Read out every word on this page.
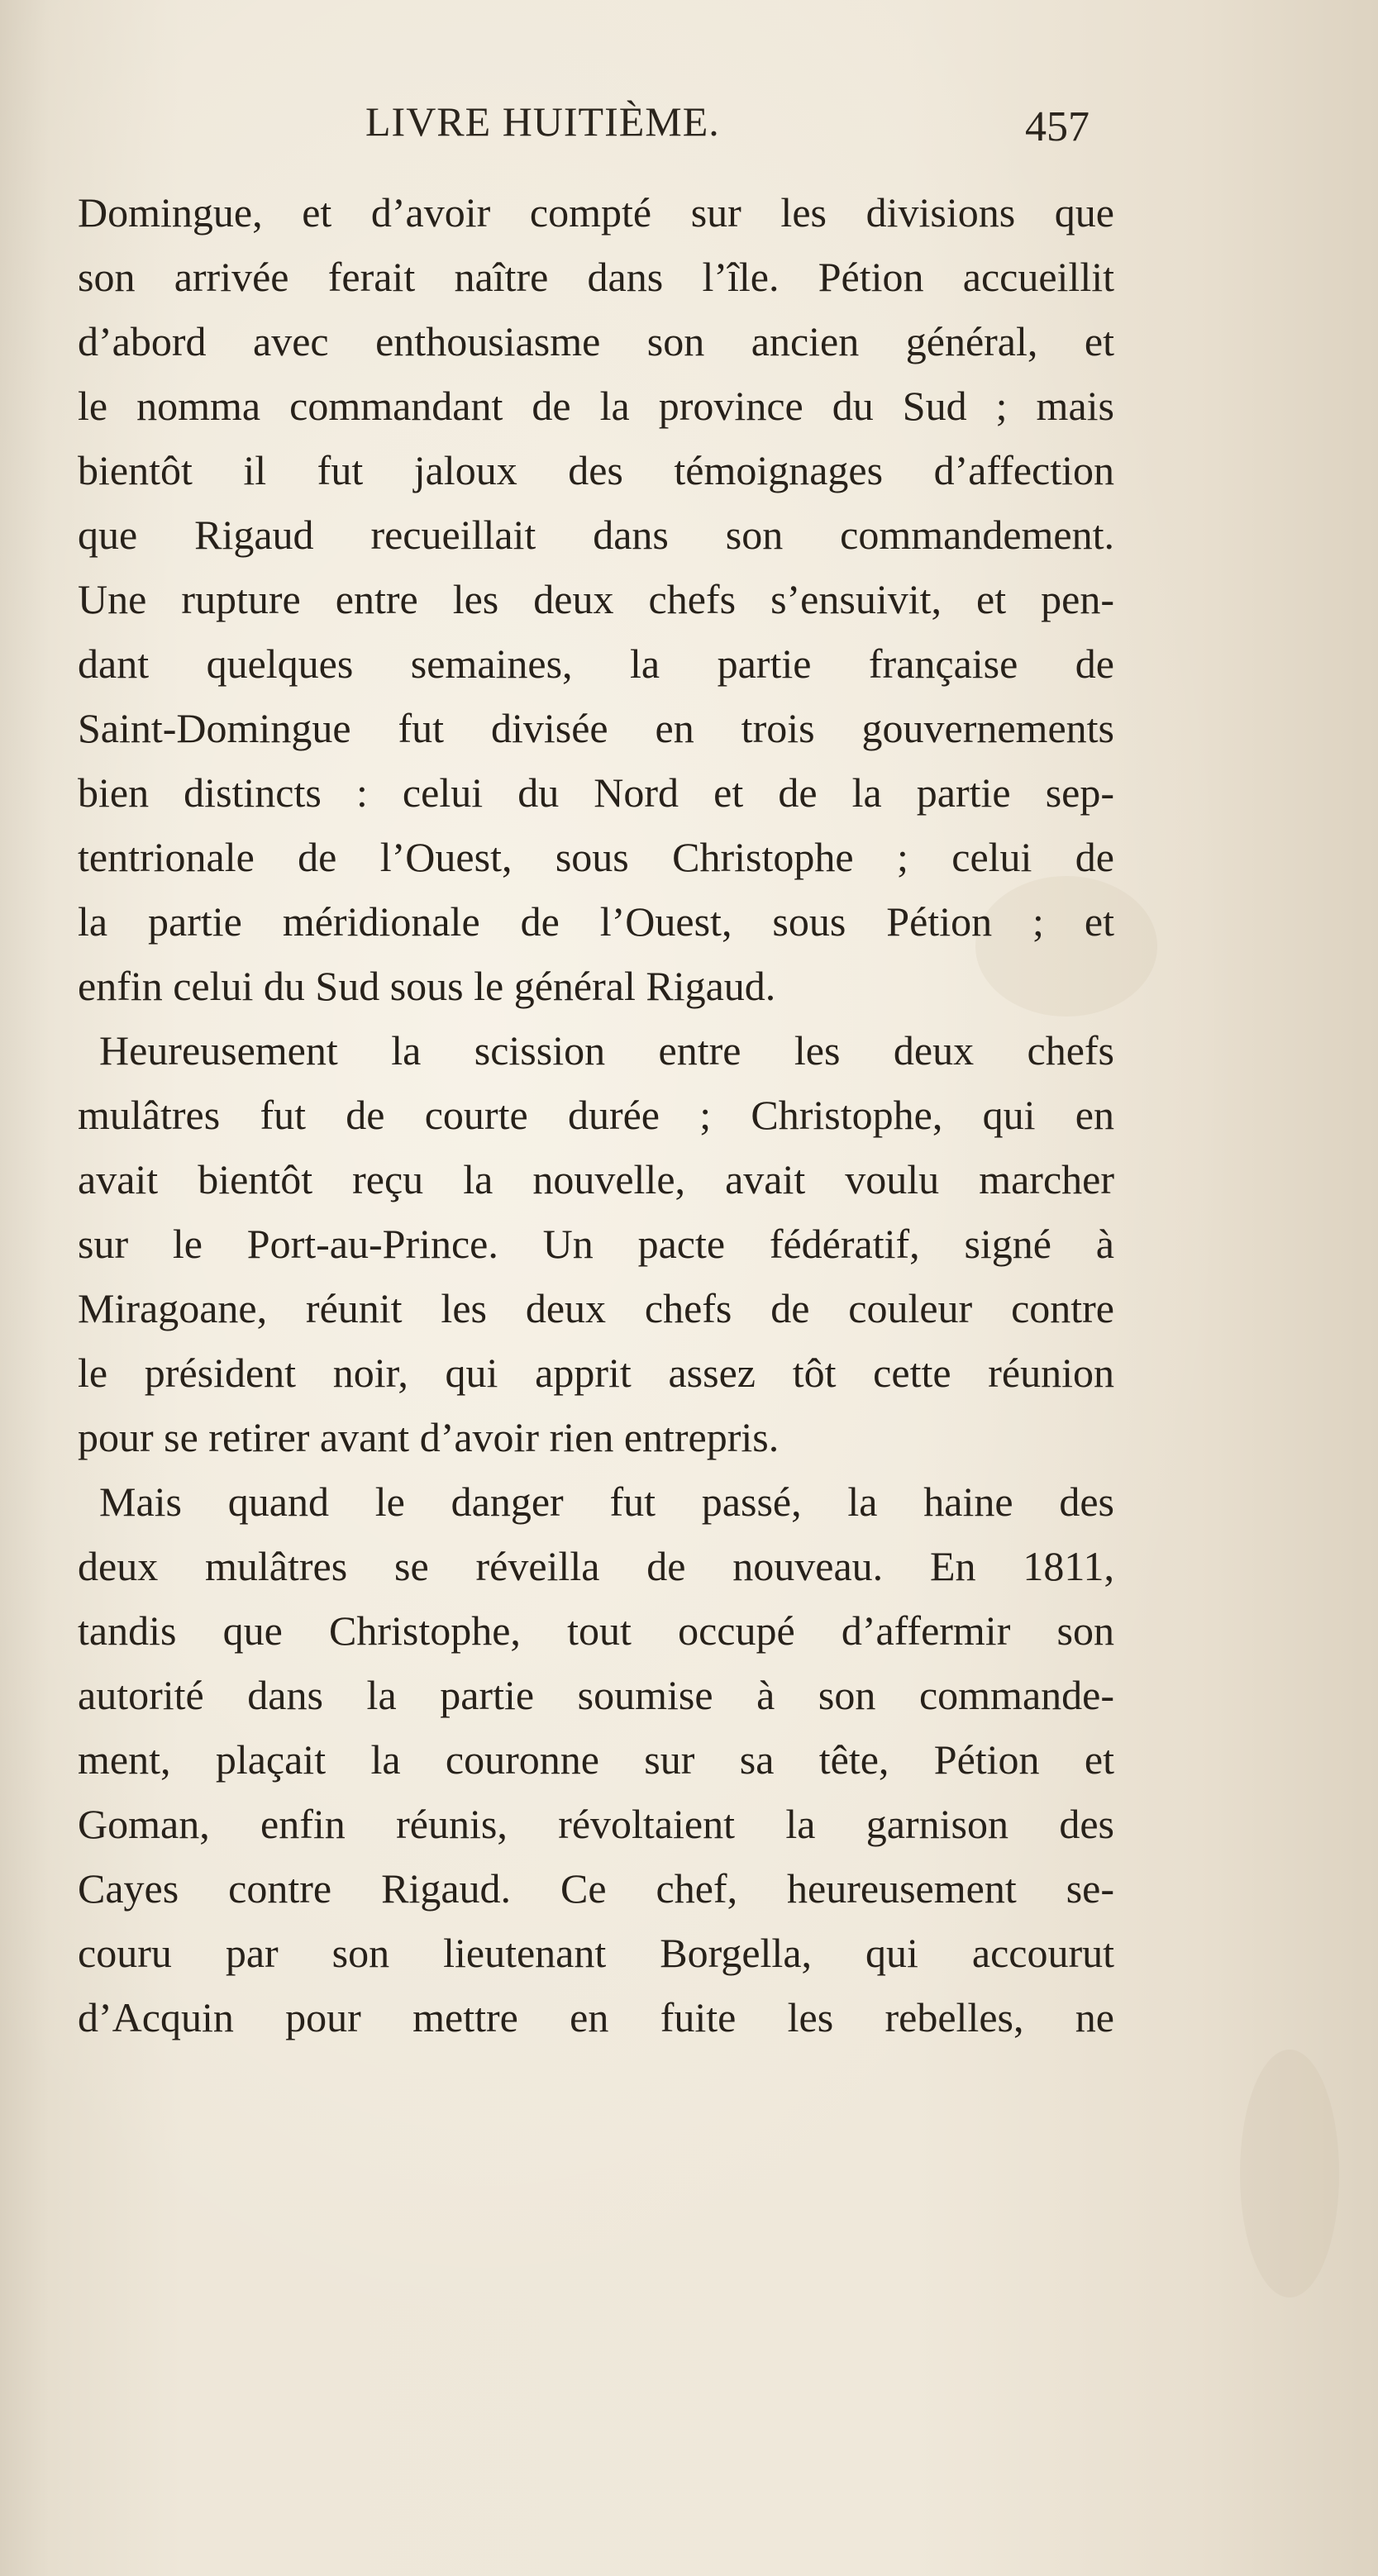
LIVRE HUITIÈME.	457
Domingue, et d’avoir compté sur les divisions que
son arrivée ferait naître dans l’île. Pétion accueillit
d’abord avec enthousiasme son ancien général, et
le nomma commandant de la province du Sud ; mais
bientôt il fut jaloux des témoignages d’affection
que Rigaud recueillait dans son commandement.
Une rupture entre les deux chefs s’ensuivit, et pen-
dant quelques semaines, la partie française de
Saint-Domingue fut divisée en trois gouvernements
bien distincts : celui du Nord et de la partie sep-
tentrionale de l’Ouest, sous Christophe ; celui de
la partie méridionale de l’Ouest, sous Pétion ; et
enfin celui du Sud sous le général Rigaud.
Heureusement la scission entre les deux chefs
mulâtres fut de courte durée ; Christophe, qui en
avait bientôt reçu la nouvelle, avait voulu marcher
sur le Port-au-Prince. Un pacte fédératif, signé à
Miragoane, réunit les deux chefs de couleur contre
le président noir, qui apprit assez tôt cette réunion
pour se retirer avant d’avoir rien entrepris.
Mais quand le danger fut passé, la haine des
deux mulâtres se réveilla de nouveau. En 1811,
tandis que Christophe, tout occupé d’affermir son
autorité dans la partie soumise à son commande-
ment, plaçait la couronne sur sa tête, Pétion et
Goman, enfin réunis, révoltaient la garnison des
Cayes contre Rigaud. Ce chef, heureusement se-
couru par son lieutenant Borgella, qui accourut
d’Acquin pour mettre en fuite les rebelles, ne
